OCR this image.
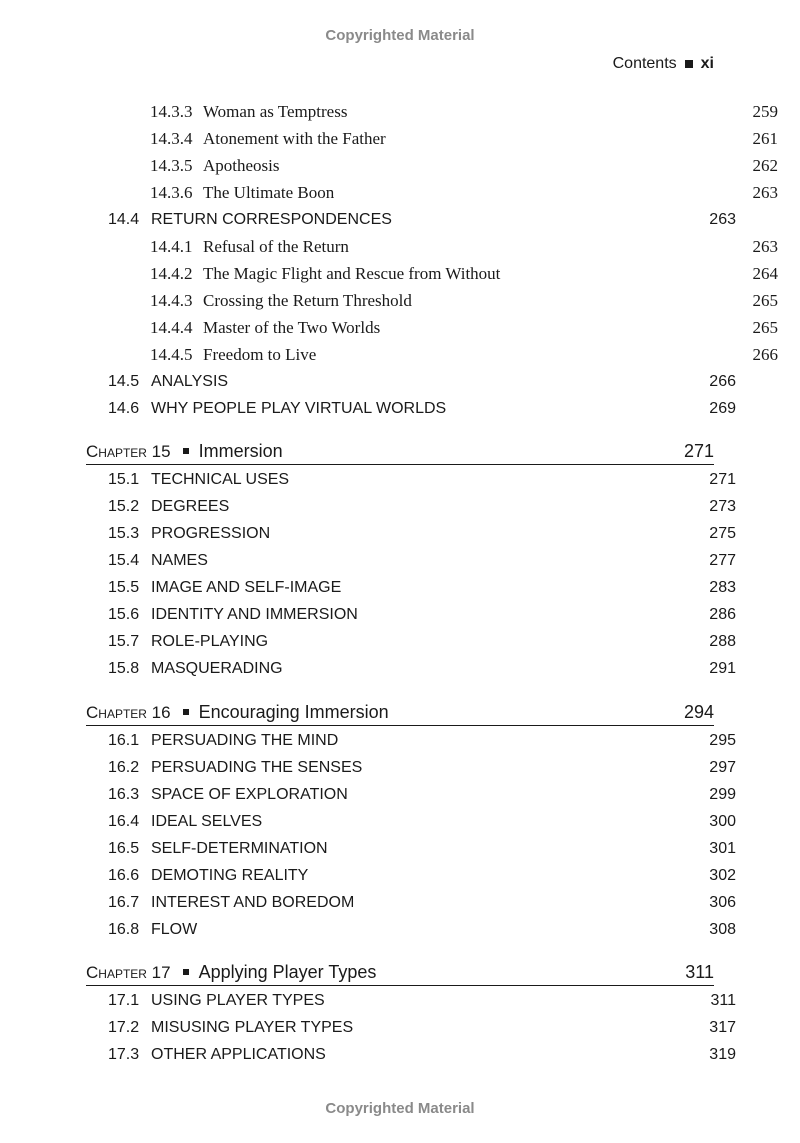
Copyrighted Material
Contents xi
14.3.3 Woman as Temptress	259
14.3.4 Atonement with the Father	261
14.3.5 Apotheosis	262
14.3.6 The Ultimate Boon	263
14.4 RETURN CORRESPONDENCES	263
14.4.1 Refusal of the Return	263
14.4.2 The Magic Flight and Rescue from Without	264
14.4.3 Crossing the Return Threshold	265
14.4.4 Master of the Two Worlds	265
14.4.5 Freedom to Live	266
14.5 ANALYSIS	266
14.6 WHY PEOPLE PLAY VIRTUAL WORLDS	269
Chapter 15 Immersion	271
15.1 TECHNICAL USES	271
15.2 DEGREES	273
15.3 PROGRESSION	275
15.4 NAMES	277
15.5 IMAGE AND SELF-IMAGE	283
15.6 IDENTITY AND IMMERSION	286
15.7 ROLE-PLAYING	288
15.8 MASQUERADING	291
Chapter 16 Encouraging Immersion	294
16.1 PERSUADING THE MIND	295
16.2 PERSUADING THE SENSES	297
16.3 SPACE OF EXPLORATION	299
16.4 IDEAL SELVES	300
16.5 SELF-DETERMINATION	301
16.6 DEMOTING REALITY	302
16.7 INTEREST AND BOREDOM	306
16.8 FLOW	308
Chapter 17 Applying Player Types	311
17.1 USING PLAYER TYPES	311
17.2 MISUSING PLAYER TYPES	317
17.3 OTHER APPLICATIONS	319
Copyrighted Material
